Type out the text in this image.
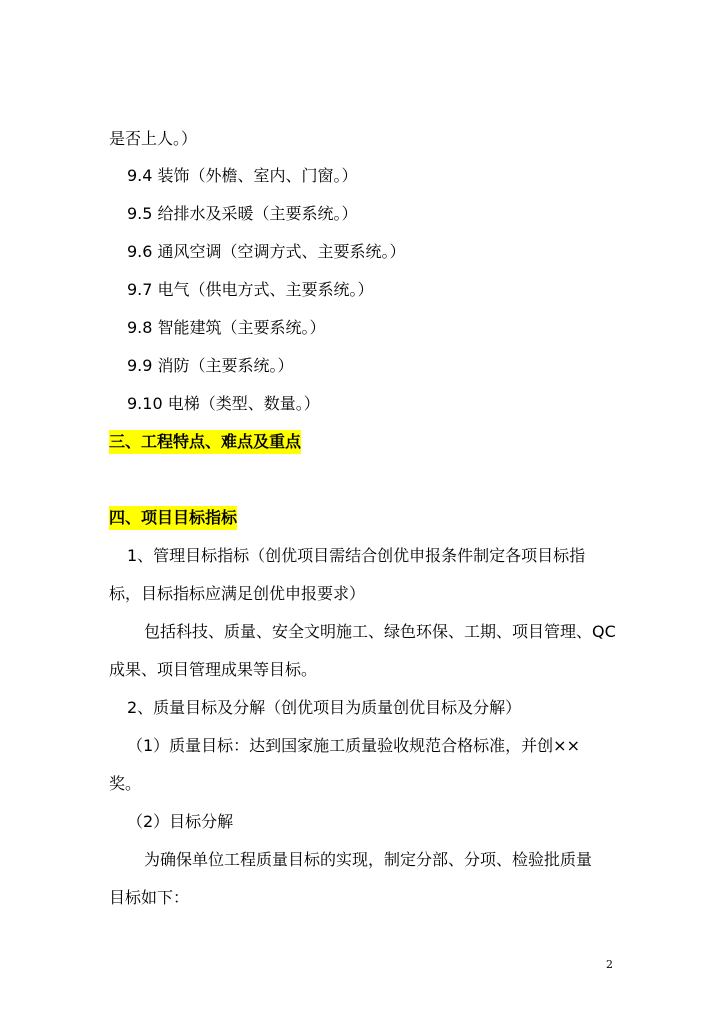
是否上人。）
9.4 装饰（外檐、室内、门窗。）
9.5 给排水及采暖（主要系统。）
9.6 通风空调（空调方式、主要系统。）
9.7 电气（供电方式、主要系统。）
9.8 智能建筑（主要系统。）
9.9 消防（主要系统。）
9.10 电梯（类型、数量。）
三、工程特点、难点及重点
四、项目目标指标
1、管理目标指标（创优项目需结合创优申报条件制定各项目标指
标，目标指标应满足创优申报要求）
包括科技、质量、安全文明施工、绿色环保、工期、项目管理、QC
成果、项目管理成果等目标。
2、质量目标及分解（创优项目为质量创优目标及分解）
（1）质量目标：达到国家施工质量验收规范合格标准，并创××
奖。
（2）目标分解
为确保单位工程质量目标的实现，制定分部、分项、检验批质量
目标如下：
2
